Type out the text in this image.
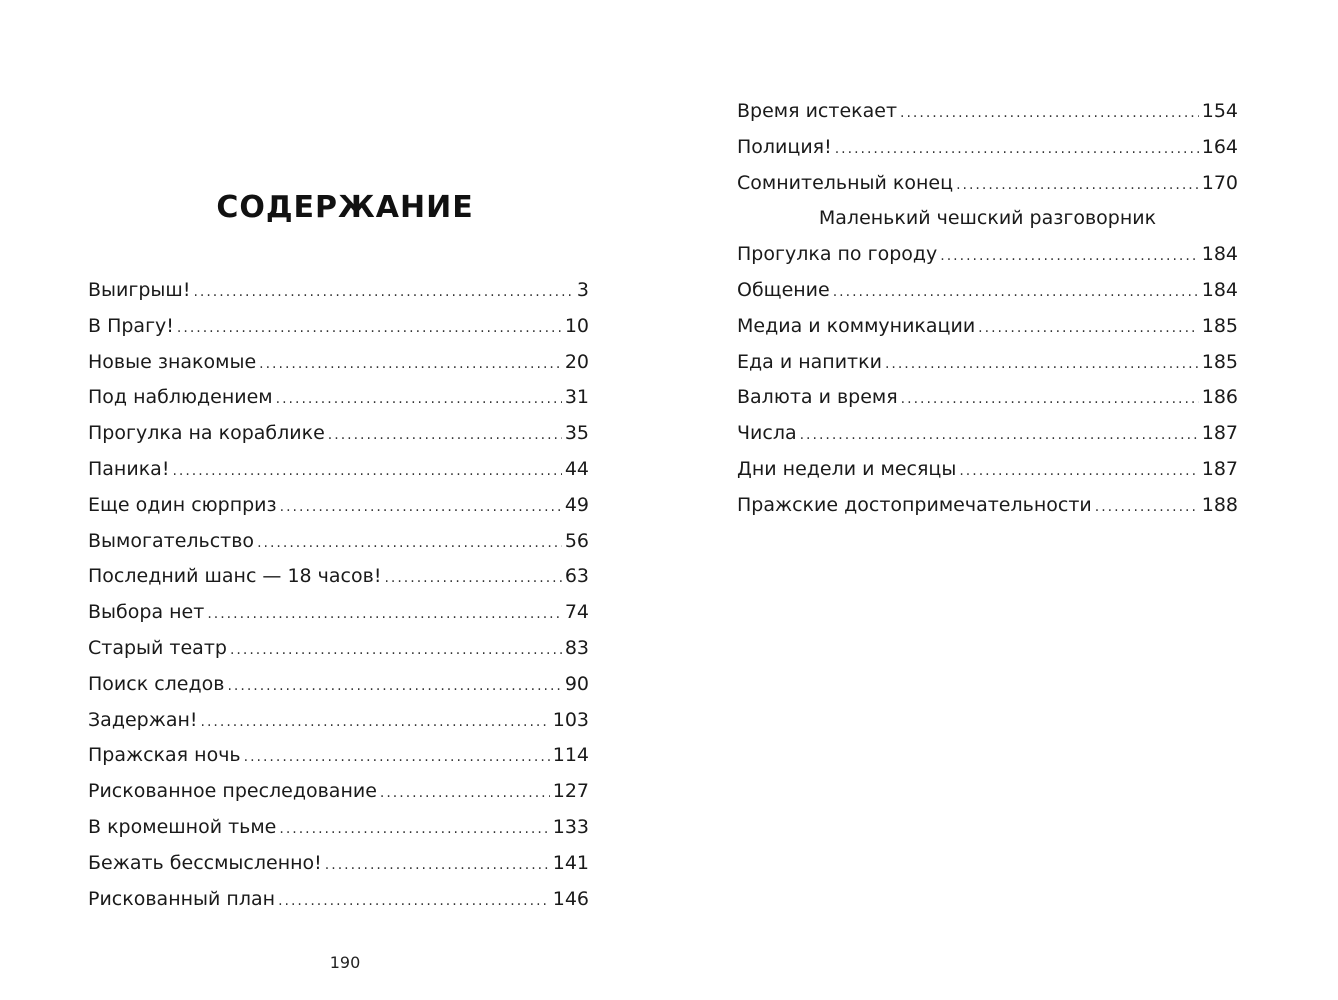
СОДЕРЖАНИЕ
Выигрыш! .....	3
В Прагу! .....	10
Новые знакомые .....	20
Под наблюдением .....	31
Прогулка на кораблике .....	35
Паника! .....	44
Еще один сюрприз .....	49
Вымогательство .....	56
Последний шанс — 18 часов! .....	63
Выбора нет .....	74
Старый театр .....	83
Поиск следов .....	90
Задержан! .....	103
Пражская ночь .....	114
Рискованное преследование .....	127
В кромешной тьме .....	133
Бежать бессмысленно! .....	141
Рискованный план .....	146
190
Время истекает .....	154
Полиция! .....	164
Сомнительный конец .....	170
Маленький чешский разговорник
Прогулка по городу .....	184
Общение .....	184
Медиа и коммуникации .....	185
Еда и напитки .....	185
Валюта и время .....	186
Числа .....	187
Дни недели и месяцы .....	187
Пражские достопримечательности .....	188
